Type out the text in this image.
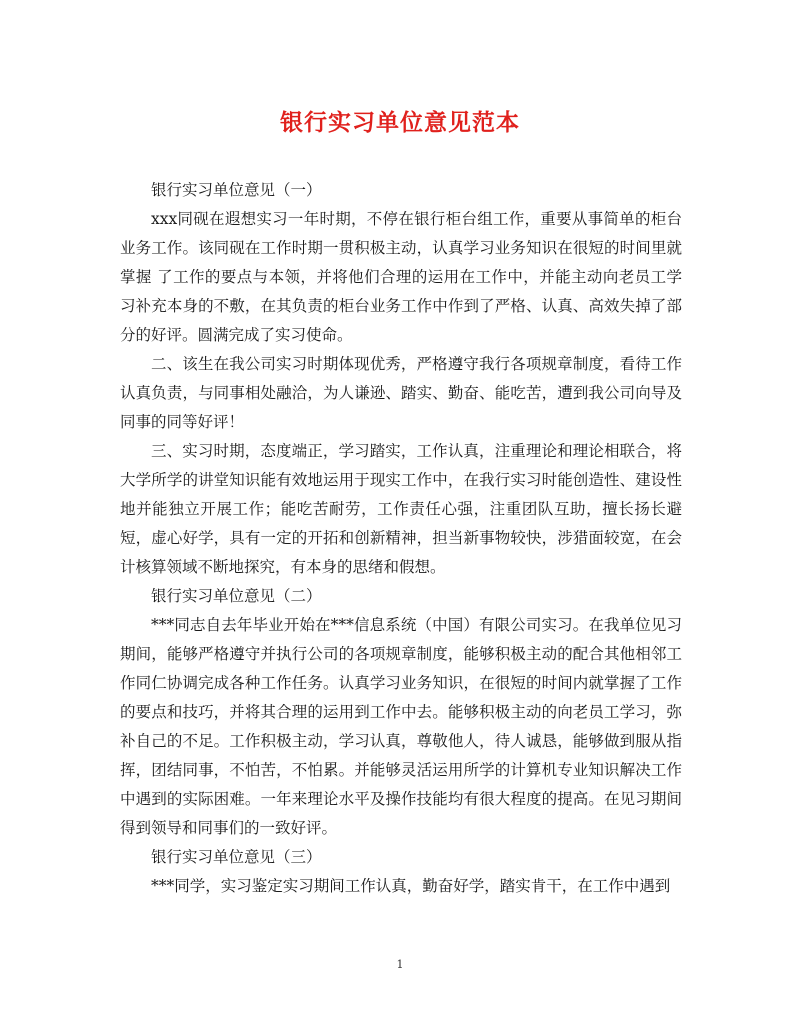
银行实习单位意见范本

银行实习单位意见（一）

xxx同砚在遐想实习一年时期，不停在银行柜台组工作，重要从事简单的柜台业务工作。该同砚在工作时期一贯积极主动，认真学习业务知识在很短的时间里就掌握 了工作的要点与本领，并将他们合理的运用在工作中，并能主动向老员工学习补充本身的不敷，在其负责的柜台业务工作中作到了严格、认真、高效失掉了部分的好评。圆满完成了实习使命。

二、该生在我公司实习时期体现优秀，严格遵守我行各项规章制度，看待工作认真负责，与同事相处融洽，为人谦逊、踏实、勤奋、能吃苦，遭到我公司向导及同事的同等好评！

三、实习时期，态度端正，学习踏实，工作认真，注重理论和理论相联合，将大学所学的讲堂知识能有效地运用于现实工作中，在我行实习时能创造性、建设性地并能独立开展工作；能吃苦耐劳，工作责任心强，注重团队互助，擅长扬长避短，虚心好学，具有一定的开拓和创新精神，担当新事物较快，涉猎面较宽，在会计核算领域不断地探究，有本身的思绪和假想。

银行实习单位意见（二）

***同志自去年毕业开始在***信息系统（中国）有限公司实习。在我单位见习期间，能够严格遵守并执行公司的各项规章制度，能够积极主动的配合其他相邻工作同仁协调完成各种工作任务。认真学习业务知识，在很短的时间内就掌握了工作的要点和技巧，并将其合理的运用到工作中去。能够积极主动的向老员工学习，弥补自己的不足。工作积极主动，学习认真，尊敬他人，待人诚恳，能够做到服从指挥，团结同事，不怕苦，不怕累。并能够灵活运用所学的计算机专业知识解决工作中遇到的实际困难。一年来理论水平及操作技能均有很大程度的提高。在见习期间得到领导和同事们的一致好评。

银行实习单位意见（三）

***同学，实习鉴定实习期间工作认真，勤奋好学，踏实肯干，在工作中遇到

1
